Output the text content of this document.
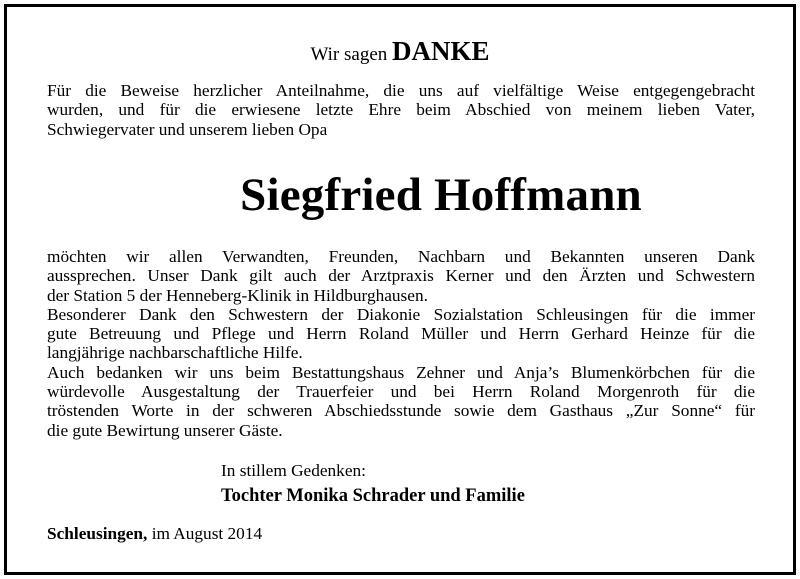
Wir sagen DANKE
Für die Beweise herzlicher Anteilnahme, die uns auf vielfältige Weise entgegengebracht
wurden, und für die erwiesene letzte Ehre beim Abschied von meinem lieben Vater,
Schwiegervater und unserem lieben Opa
Siegfried Hoffmann
möchten wir allen Verwandten, Freunden, Nachbarn und Bekannten unseren Dank
aussprechen. Unser Dank gilt auch der Arztpraxis Kerner und den Ärzten und Schwestern
der Station 5 der Henneberg-Klinik in Hildburghausen.
Besonderer Dank den Schwestern der Diakonie Sozialstation Schleusingen für die immer
gute Betreuung und Pflege und Herrn Roland Müller und Herrn Gerhard Heinze für die
langjährige nachbarschaftliche Hilfe.
Auch bedanken wir uns beim Bestattungshaus Zehner und Anja’s Blumenkörbchen für die
würdevolle Ausgestaltung der Trauerfeier und bei Herrn Roland Morgenroth für die
tröstenden Worte in der schweren Abschiedsstunde sowie dem Gasthaus „Zur Sonne“ für
die gute Bewirtung unserer Gäste.
In stillem Gedenken:
Tochter Monika Schrader und Familie
Schleusingen, im August 2014
